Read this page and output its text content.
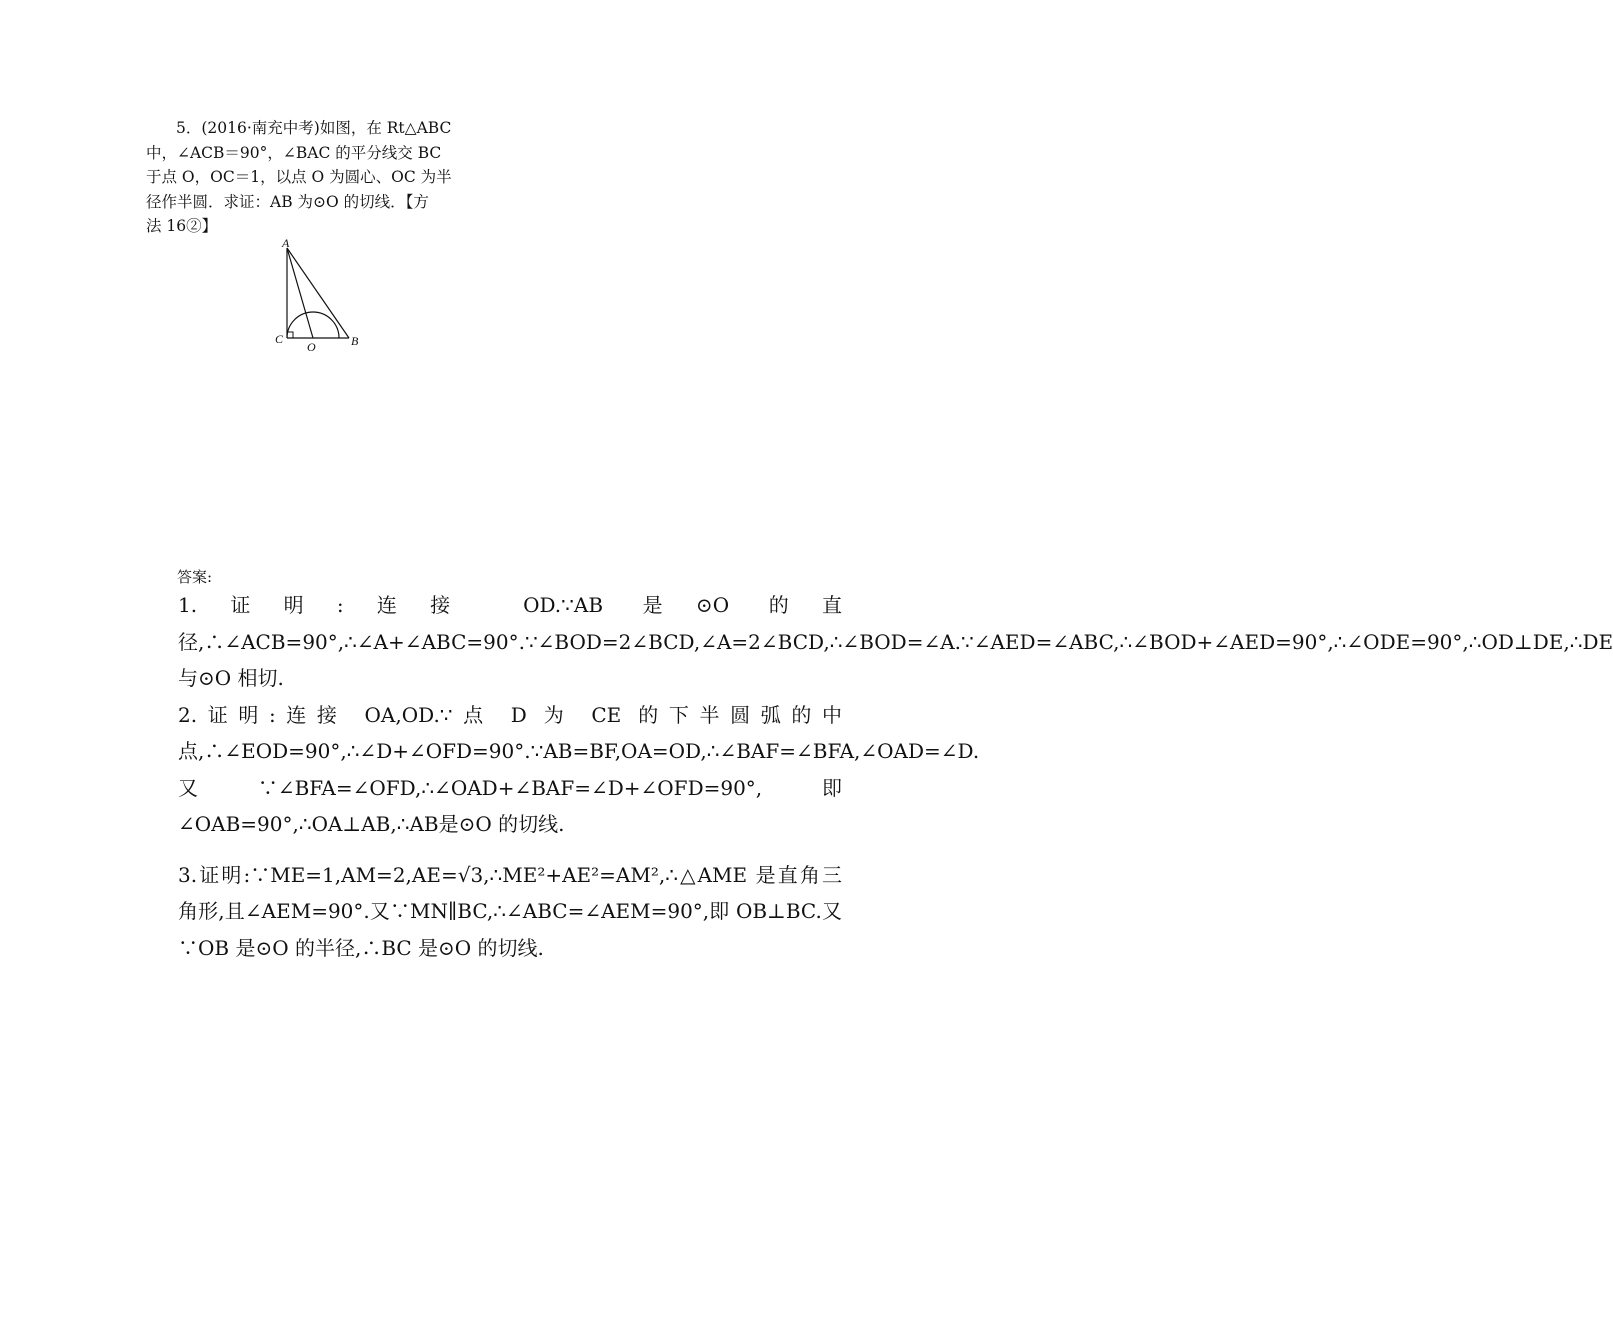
5．(2016·南充中考)如图，在 Rt△ABC

中，∠ACB＝90°，∠BAC 的平分线交 BC

于点 O，OC＝1，以点 O 为圆心、OC 为半

径作半圆．求证：AB 为⊙O 的切线．【方

法 16②】

A
B
C
O

答案:

1.证明:连接 OD.∵AB 是⊙O 的直径,∴∠ACB=90°,∴∠A+∠ABC=90°.∵∠BOD=2∠BCD,∠A=2∠BCD,∴∠BOD=∠A.∵∠AED=∠ABC,∴∠BOD+∠AED=90°,∴∠ODE=90°,∴OD⊥DE,∴DE 与⊙O 相切.

2.证明:连接 OA,OD.∵点 D 为 CE 的下半圆弧的中点,∴∠EOD=90°,∴∠D+∠OFD=90°.∵AB=BF,OA=OD,∴∠BAF=∠BFA,∠OAD=∠D.又∵∠BFA=∠OFD,∴∠OAD+∠BAF=∠D+∠OFD=90°,即∠OAB=90°,∴OA⊥AB,∴AB是⊙O 的切线.

3.证明:∵ME=1,AM=2,AE=√3,∴ME²+AE²=AM²,∴△AME 是直角三角形,且∠AEM=90°.又∵MN∥BC,∴∠ABC=∠AEM=90°,即 OB⊥BC.又∵OB 是⊙O 的半径,∴BC 是⊙O 的切线.
